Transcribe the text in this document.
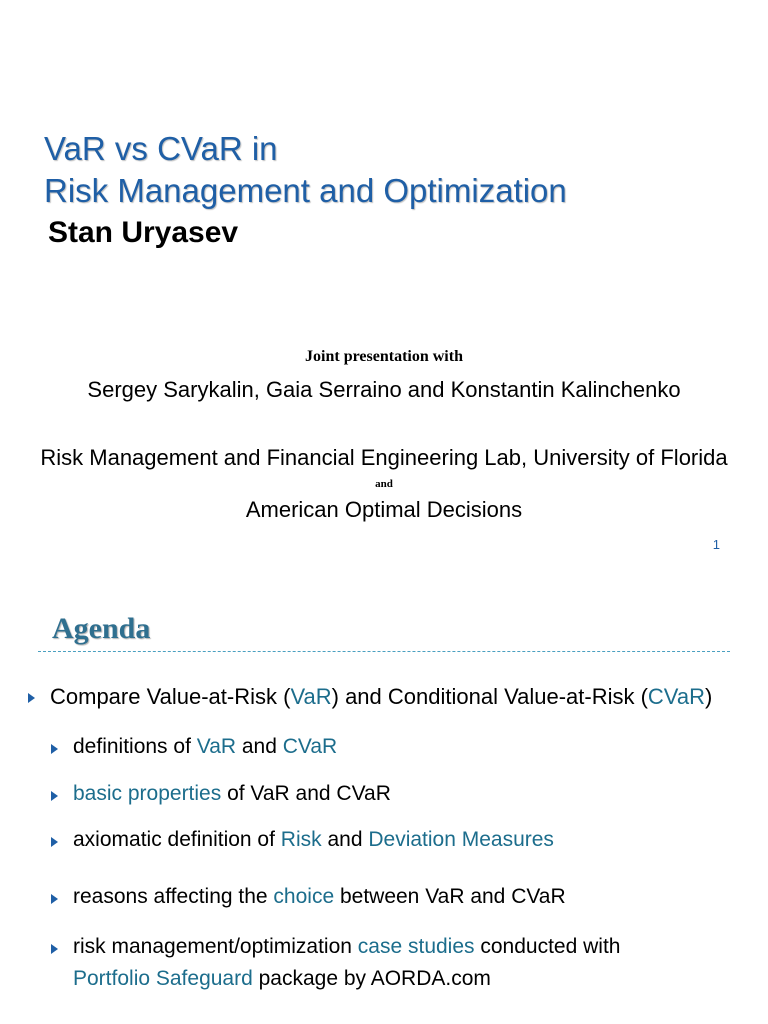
VaR vs CVaR in
Risk Management and Optimization
Stan Uryasev
Joint presentation with
Sergey Sarykalin, Gaia Serraino and Konstantin Kalinchenko
Risk Management and Financial Engineering Lab, University of Florida
and
American Optimal Decisions
1
Agenda
Compare Value-at-Risk (VaR) and Conditional Value-at-Risk (CVaR)
definitions of VaR and CVaR
basic properties of VaR and CVaR
axiomatic definition of Risk and Deviation Measures
reasons affecting the choice between VaR and CVaR
risk management/optimization case studies conducted with
Portfolio Safeguard package by AORDA.com
